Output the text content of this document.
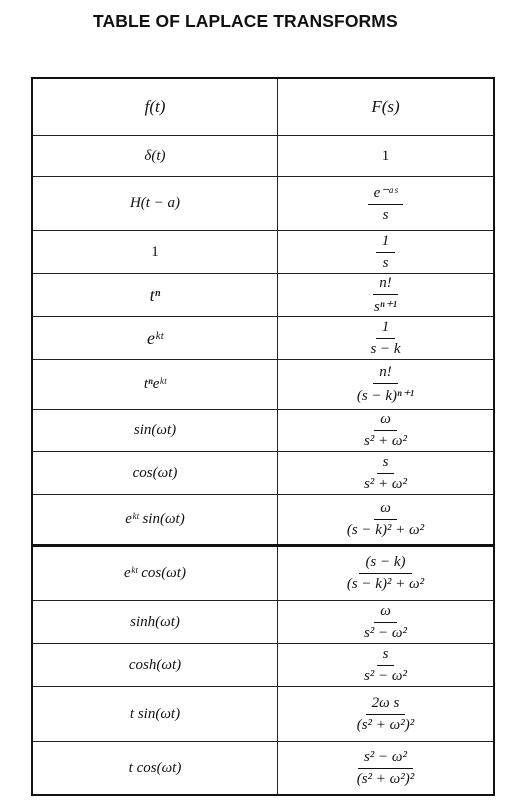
TABLE OF LAPLACE TRANSFORMS
f(t)	F(s)
δ(t)	1
H(t − a)	$\frac{\text{e⁻ᵃˢ}}{s}$
1	$\frac{1}{s}$
tⁿ	$\frac{n!}{\text{sⁿ⁺¹}}$
eᵏᵗ	$\frac{1}{s - k}$
tⁿeᵏᵗ	$\frac{n!}{\text{(s − k)ⁿ⁺¹}}$
sin(ωt)	$\frac{\omega}{\text{s² + ω²}}$
cos(ωt)	$\frac{s}{\text{s² + ω²}}$
eᵏᵗ sin(ωt)	$\frac{\omega}{\text{(s − k)² + ω²}}$
eᵏᵗ cos(ωt)	$\frac{(s - k)}{\text{(s − k)² + ω²}}$
sinh(ωt)	$\frac{\omega}{\text{s² − ω²}}$
cosh(ωt)	$\frac{s}{\text{s² − ω²}}$
t sin(ωt)	$\frac{\text{2ω s}}{\text{(s² + ω²)²}}$
t cos(ωt)	$\frac{\text{s² − ω²}}{\text{(s² + ω²)²}}$
